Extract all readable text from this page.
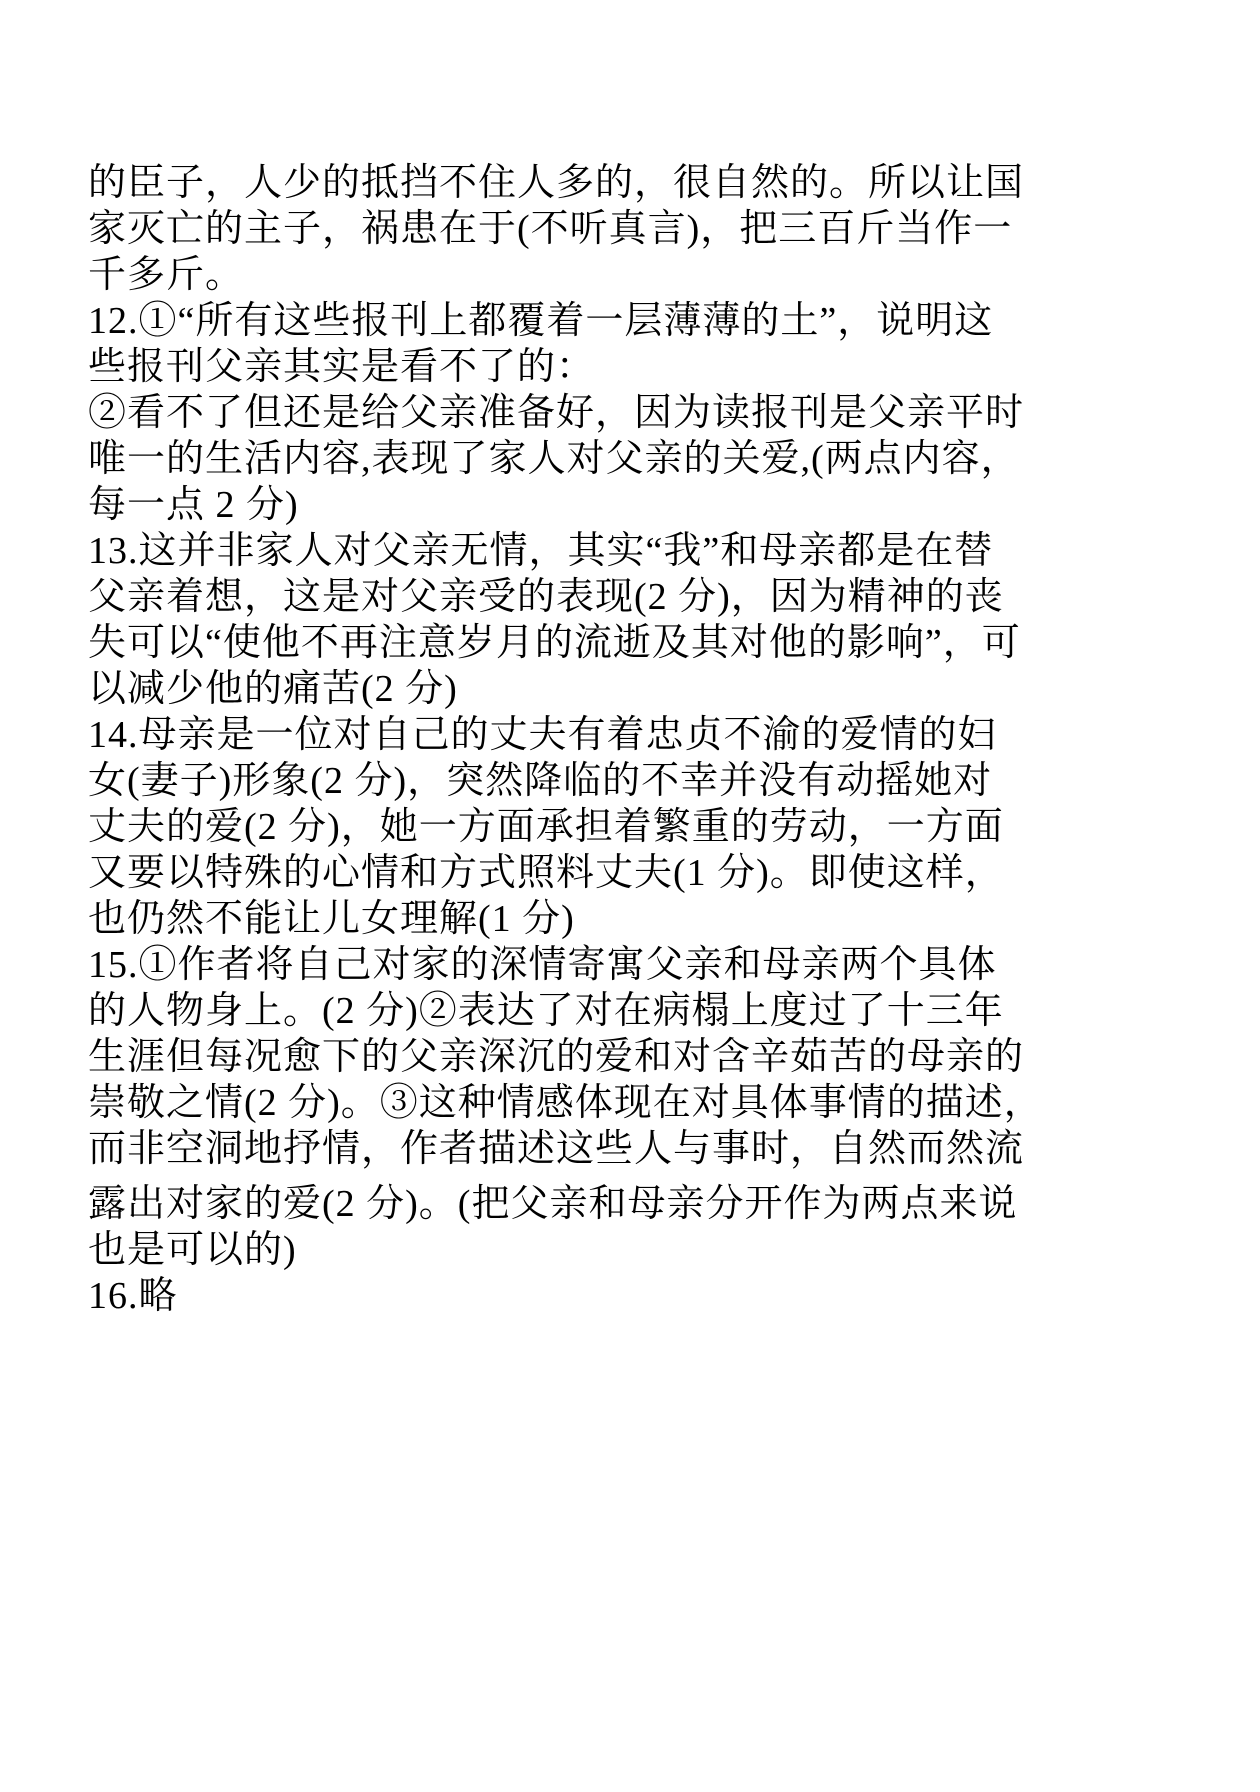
的臣子，人少的抵挡不住人多的，很自然的。所以让国
家灭亡的主子，祸患在于(不听真言)，把三百斤当作一
千多斤。
12.①“所有这些报刊上都覆着一层薄薄的土”，说明这
些报刊父亲其实是看不了的：
②看不了但还是给父亲准备好，因为读报刊是父亲平时
唯一的生活内容,表现了家人对父亲的关爱,(两点内容，
每一点 2 分)
13.这并非家人对父亲无情，其实“我”和母亲都是在替
父亲着想，这是对父亲受的表现(2 分)，因为精神的丧
失可以“使他不再注意岁月的流逝及其对他的影响”，可
以减少他的痛苦(2 分)
14.母亲是一位对自己的丈夫有着忠贞不渝的爱情的妇
女(妻子)形象(2 分)，突然降临的不幸并没有动摇她对
丈夫的爱(2 分)，她一方面承担着繁重的劳动，一方面
又要以特殊的心情和方式照料丈夫(1 分)。即使这样，
也仍然不能让儿女理解(1 分)
15.①作者将自己对家的深情寄寓父亲和母亲两个具体
的人物身上。(2 分)②表达了对在病榻上度过了十三年
生涯但每况愈下的父亲深沉的爱和对含辛茹苦的母亲的
崇敬之情(2 分)。③这种情感体现在对具体事情的描述，
而非空洞地抒情，作者描述这些人与事时，自然而然流
露出对家的爱(2 分)。(把父亲和母亲分开作为两点来说
也是可以的)
16.略
